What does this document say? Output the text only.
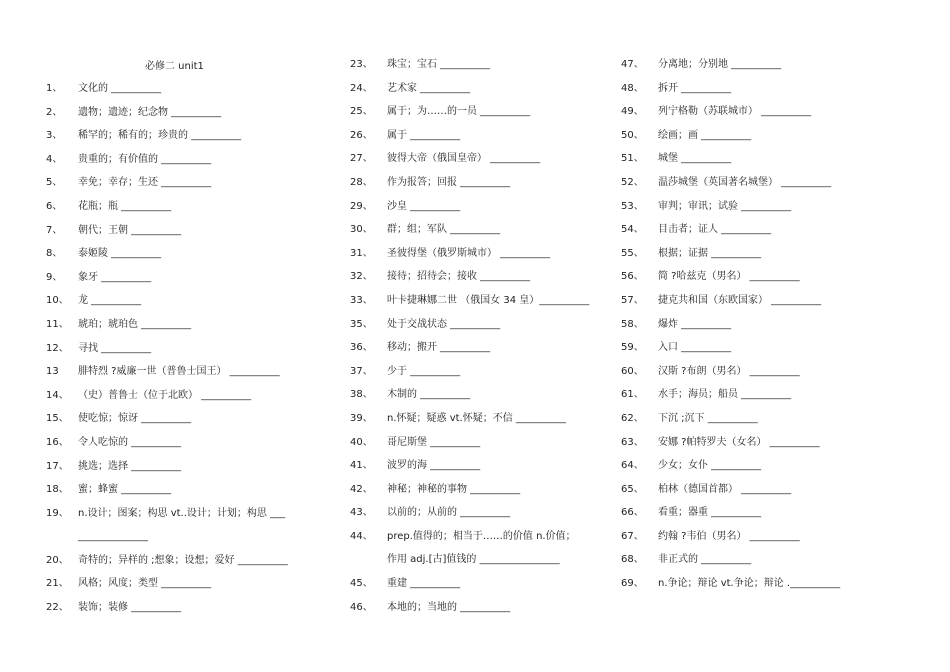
必修二 unit1
1、 文化的 __________
2、 遗物；遗迹；纪念物 __________
3、 稀罕的；稀有的；珍贵的 __________
4、 贵重的；有价值的 __________
5、 幸免；幸存；生还 __________
6、 花瓶；瓶 __________
7、 朝代；王朝 __________
8、 泰姬陵 __________
9、 象牙 __________
10、 龙 __________
11、 琥珀；琥珀色 __________
12、 寻找 __________
13 腓特烈 ?威廉一世（普鲁士国王） __________
14、 （史）普鲁士（位于北欧） __________
15、 使吃惊；惊讶 __________
16、 令人吃惊的 __________
17、 挑选；选择 __________
18、 蜜；蜂蜜 __________
19、 n.设计；图案；构思 vt..设计；计划；构思 ___
______________
20、 奇特的；异样的 ;想象；设想；爱好 __________
21、 风格；风度；类型 __________
22、 装饰；装修 __________
23、 珠宝；宝石 __________
24、 艺术家 __________
25、 属于；为……的一员 __________
26、 属于 __________
27、 彼得大帝（俄国皇帝） __________
28、 作为报答；回报 __________
29、 沙皇 __________
30、 群；组；军队 __________
31、 圣彼得堡（俄罗斯城市） __________
32、 接待；招待会；接收 __________
33、 叶卡捷琳娜二世 （俄国女 34 皇）__________
35、 处于交战状态 __________
36、 移动；搬开 __________
37、 少于 __________
38、 木制的 __________
39、 n.怀疑；疑惑 vt.怀疑；不信 __________
40、 哥尼斯堡 __________
41、 波罗的海 __________
42、 神秘；神秘的事物 __________
43、 以前的；从前的 __________
44、 prep.值得的；相当于……的价值 n.价值；
作用 adj.[古]值钱的 ________________
45、 重建 __________
46、 本地的；当地的 __________
47、 分离地；分别地 __________
48、 拆开 __________
49、 列宁格勒（苏联城市） __________
50、 绘画；画 __________
51、 城堡 __________
52、 温莎城堡（英国著名城堡） __________
53、 审判；审讯；试验 __________
54、 目击者；证人 __________
55、 根据；证据 __________
56、 简 ?哈兹克（男名） __________
57、 捷克共和国（东欧国家） __________
58、 爆炸 __________
59、 入口 __________
60、 汉斯 ?布朗（男名） __________
61、 水手；海员；船员 __________
62、 下沉 ;沉下 __________
63、 安娜 ?帕特罗夫（女名） __________
64、 少女；女仆 __________
65、 柏林（德国首都） __________
66、 看重；器重 __________
67、 约翰 ?韦伯（男名） __________
68、 非正式的 __________
69、 n.争论；辩论 vt.争论；辩论 .__________
